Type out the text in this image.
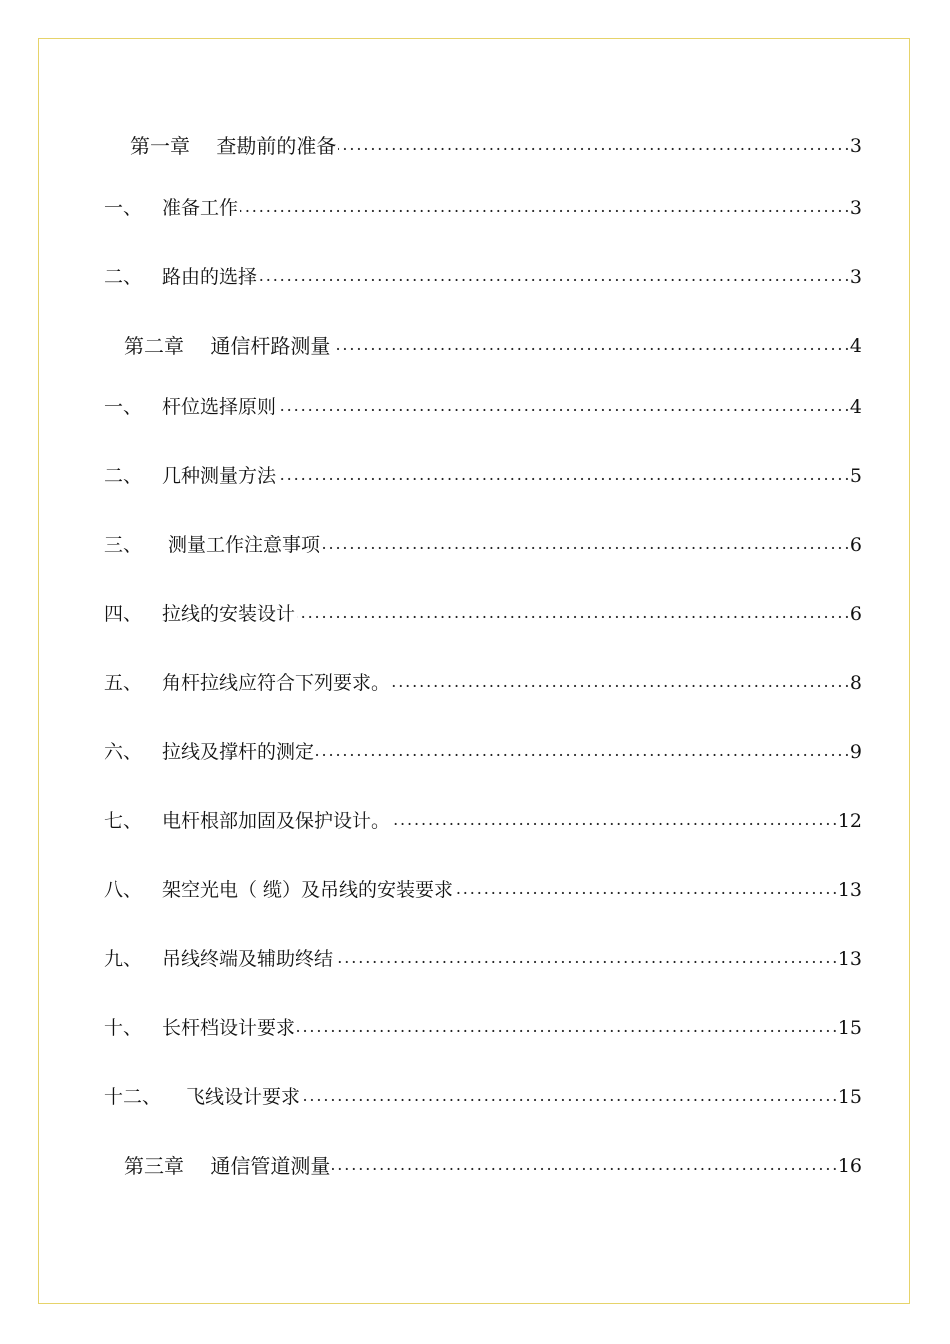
第一章　 查勘前的准备 . . .	3
一、	准备工作 . . .	3
二、	路由的选择 . . .	3
第二章　 通信杆路测量 . . .	4
一、	杆位选择原则 . . .	4
二、	几种测量方法 . . .	5
三、	测量工作注意事项 . . .	6
四、	拉线的安装设计 . . .	6
五、	角杆拉线应符合下列要求。 . . .	8
六、	拉线及撑杆的测定 . . .	9
七、	电杆根部加固及保护设计。 . . .	12
八、	架空光电（ 缆）及吊线的安装要求 . . .	13
九、	吊线终端及辅助终结 . . .	13
十、	长杆档设计要求 . . .	15
十二、	飞线设计要求 . . .	15
第三章　 通信管道测量 . . .	16
